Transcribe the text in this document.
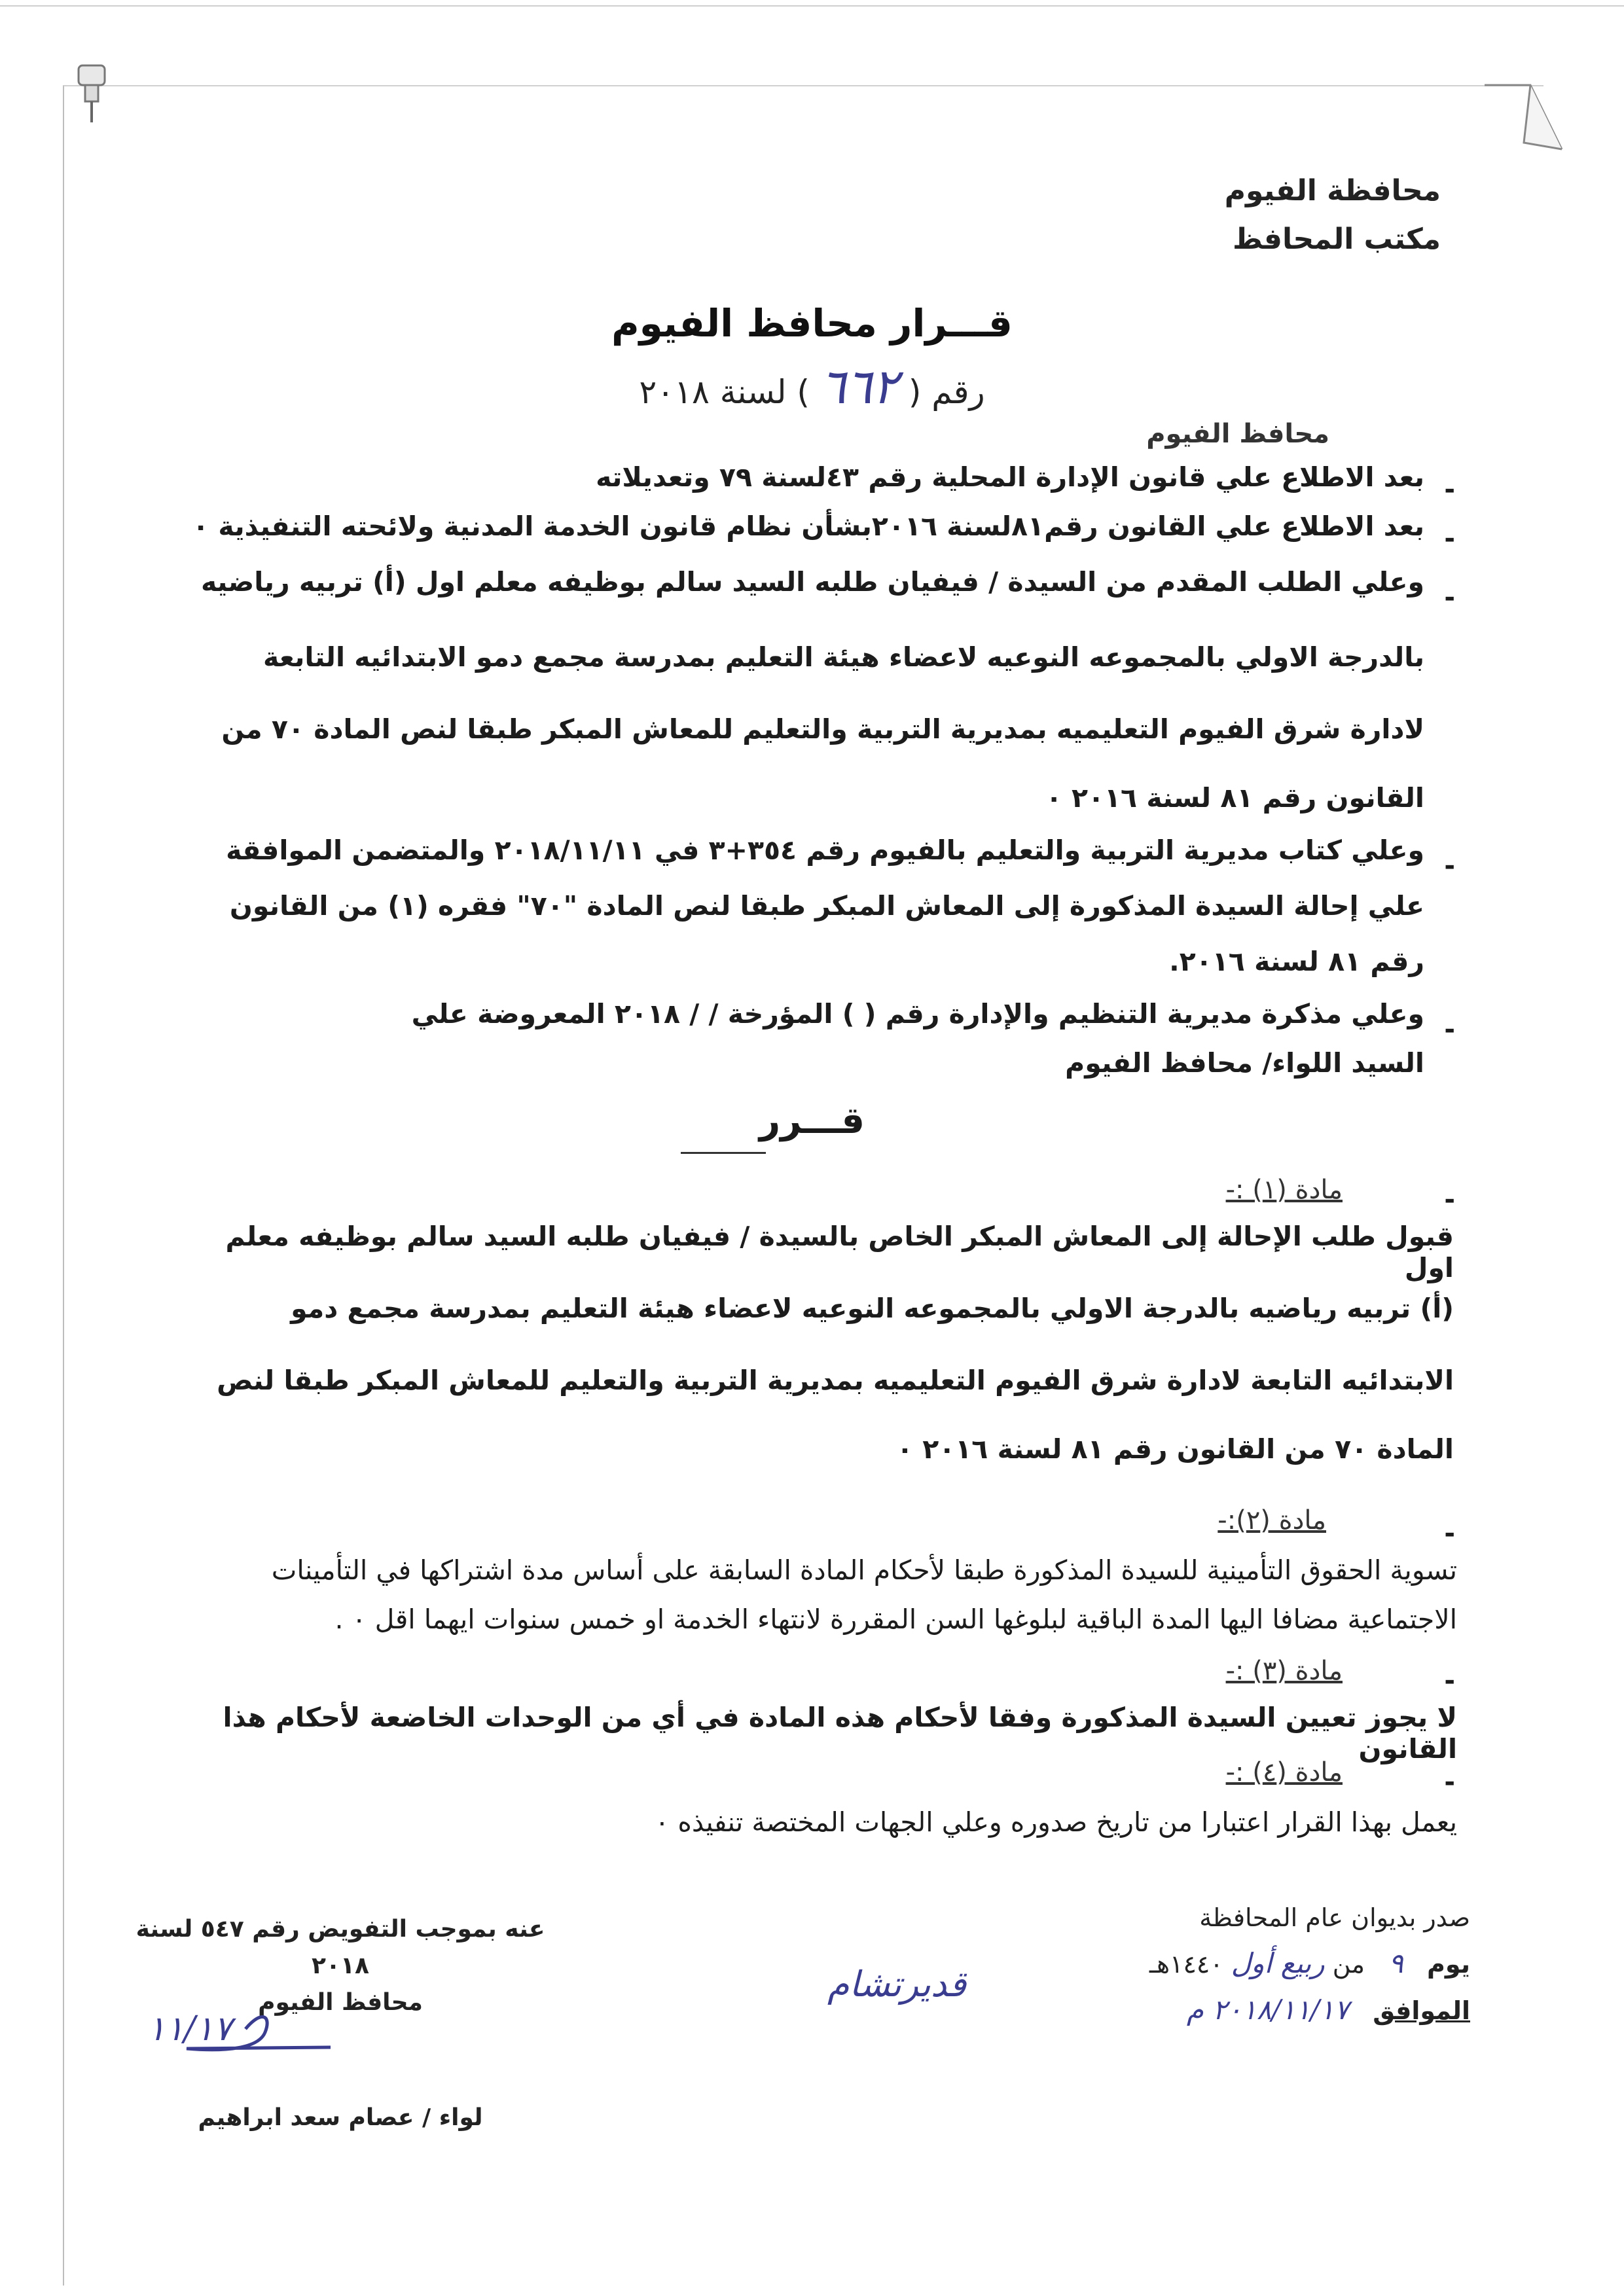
محافظة الفيوم
مكتب المحافظ
قـــرار محافظ الفيوم
رقم ( ٦٦٢ ) لسنة ٢٠١٨
محافظ الفيوم
-
بعد الاطلاع علي قانون الإدارة المحلية رقم ٤٣لسنة ٧٩ وتعديلاته
-
بعد الاطلاع علي القانون رقم٨١لسنة ٢٠١٦بشأن نظام قانون الخدمة المدنية ولائحته التنفيذية ٠
-
وعلي الطلب المقدم من السيدة / فيفيان طلبه السيد سالم بوظيفه معلم اول (أ) تربيه رياضيه
بالدرجة الاولي بالمجموعه النوعيه لاعضاء هيئة التعليم بمدرسة مجمع دمو الابتدائيه التابعة
لادارة شرق الفيوم التعليميه بمديرية التربية والتعليم للمعاش المبكر طبقا لنص المادة ٧٠ من
القانون رقم ٨١ لسنة ٢٠١٦ ٠
-
وعلي كتاب مديرية التربية والتعليم بالفيوم رقم ٣٥٤+٣ في ٢٠١٨/١١/١١ والمتضمن الموافقة
علي إحالة السيدة المذكورة إلى المعاش المبكر طبقا لنص المادة "٧٠" فقره (١) من القانون
رقم ٨١ لسنة ٢٠١٦.
-
وعلي مذكرة مديرية التنظيم والإدارة رقم ( ) المؤرخة / / ٢٠١٨ المعروضة علي
السيد اللواء/ محافظ الفيوم
قـــرر
-
مادة (١) :-
قبول طلب الإحالة إلى المعاش المبكر الخاص بالسيدة / فيفيان طلبه السيد سالم بوظيفه معلم اول
(أ) تربيه رياضيه بالدرجة الاولي بالمجموعه النوعيه لاعضاء هيئة التعليم بمدرسة مجمع دمو
الابتدائيه التابعة لادارة شرق الفيوم التعليميه بمديرية التربية والتعليم للمعاش المبكر طبقا لنص
المادة ٧٠ من القانون رقم ٨١ لسنة ٢٠١٦ ٠
-
مادة (٢):-
تسوية الحقوق التأمينية للسيدة المذكورة طبقا لأحكام المادة السابقة على أساس مدة اشتراكها في التأمينات
الاجتماعية مضافا اليها المدة الباقية لبلوغها السن المقررة لانتهاء الخدمة او خمس سنوات ايهما اقل ٠ .
-
مادة (٣) :-
لا يجوز تعيين السيدة المذكورة وفقا لأحكام هذه المادة في أي من الوحدات الخاضعة لأحكام هذا القانون
-
مادة (٤) :-
يعمل بهذا القرار اعتبارا من تاريخ صدوره وعلي الجهات المختصة تنفيذه ٠
صدر بديوان عام المحافظة
يوم   ٩   من ربيع أول ١٤٤٠هـ
الموافق   ٢٠١٨/١١/١٧ م
قديرتشام
عنه بموجب التفويض رقم ٥٤٧ لسنة ٢٠١٨
محافظ الفيوم
لواء / عصام سعد ابراهيم
١١/١٧
